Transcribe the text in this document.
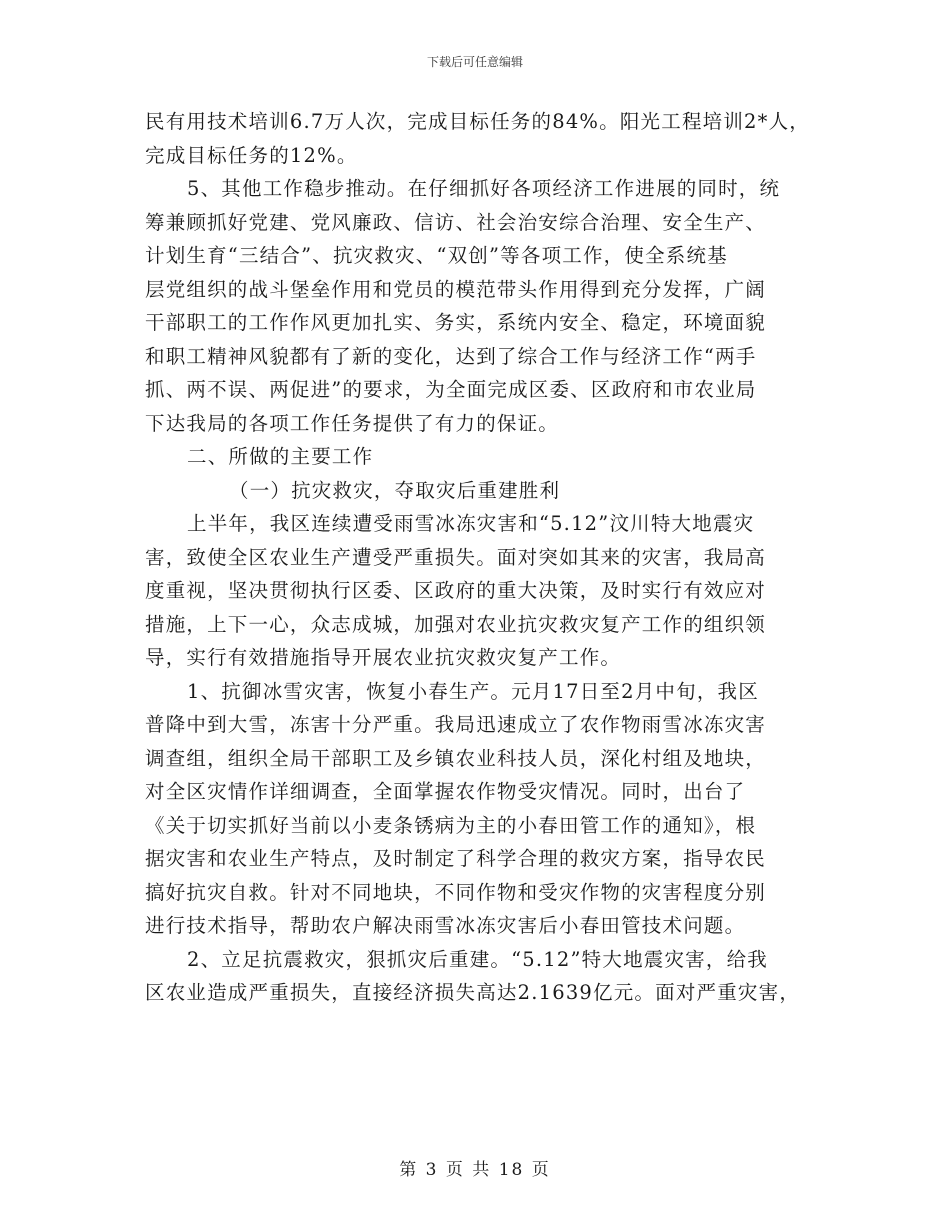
下载后可任意编辑
民有用技术培训6.7万人次，完成目标任务的84%。阳光工程培训2*人，
完成目标任务的12%。
5、其他工作稳步推动。在仔细抓好各项经济工作进展的同时，统
筹兼顾抓好党建、党风廉政、信访、社会治安综合治理、安全生产、
计划生育“三结合”、抗灾救灾、“双创”等各项工作，使全系统基
层党组织的战斗堡垒作用和党员的模范带头作用得到充分发挥，广阔
干部职工的工作作风更加扎实、务实，系统内安全、稳定，环境面貌
和职工精神风貌都有了新的变化，达到了综合工作与经济工作“两手
抓、两不误、两促进”的要求，为全面完成区委、区政府和市农业局
下达我局的各项工作任务提供了有力的保证。
二、所做的主要工作
（一）抗灾救灾，夺取灾后重建胜利
上半年，我区连续遭受雨雪冰冻灾害和“5.12”汶川特大地震灾
害，致使全区农业生产遭受严重损失。面对突如其来的灾害，我局高
度重视，坚决贯彻执行区委、区政府的重大决策，及时实行有效应对
措施，上下一心，众志成城，加强对农业抗灾救灾复产工作的组织领
导，实行有效措施指导开展农业抗灾救灾复产工作。
1、抗御冰雪灾害，恢复小春生产。元月17日至2月中旬，我区
普降中到大雪，冻害十分严重。我局迅速成立了农作物雨雪冰冻灾害
调查组，组织全局干部职工及乡镇农业科技人员，深化村组及地块，
对全区灾情作详细调查，全面掌握农作物受灾情况。同时，出台了
《关于切实抓好当前以小麦条锈病为主的小春田管工作的通知》，根
据灾害和农业生产特点，及时制定了科学合理的救灾方案，指导农民
搞好抗灾自救。针对不同地块，不同作物和受灾作物的灾害程度分别
进行技术指导，帮助农户解决雨雪冰冻灾害后小春田管技术问题。
2、立足抗震救灾，狠抓灾后重建。“5.12”特大地震灾害，给我
区农业造成严重损失，直接经济损失高达2.1639亿元。面对严重灾害，
第 3 页 共 18 页
